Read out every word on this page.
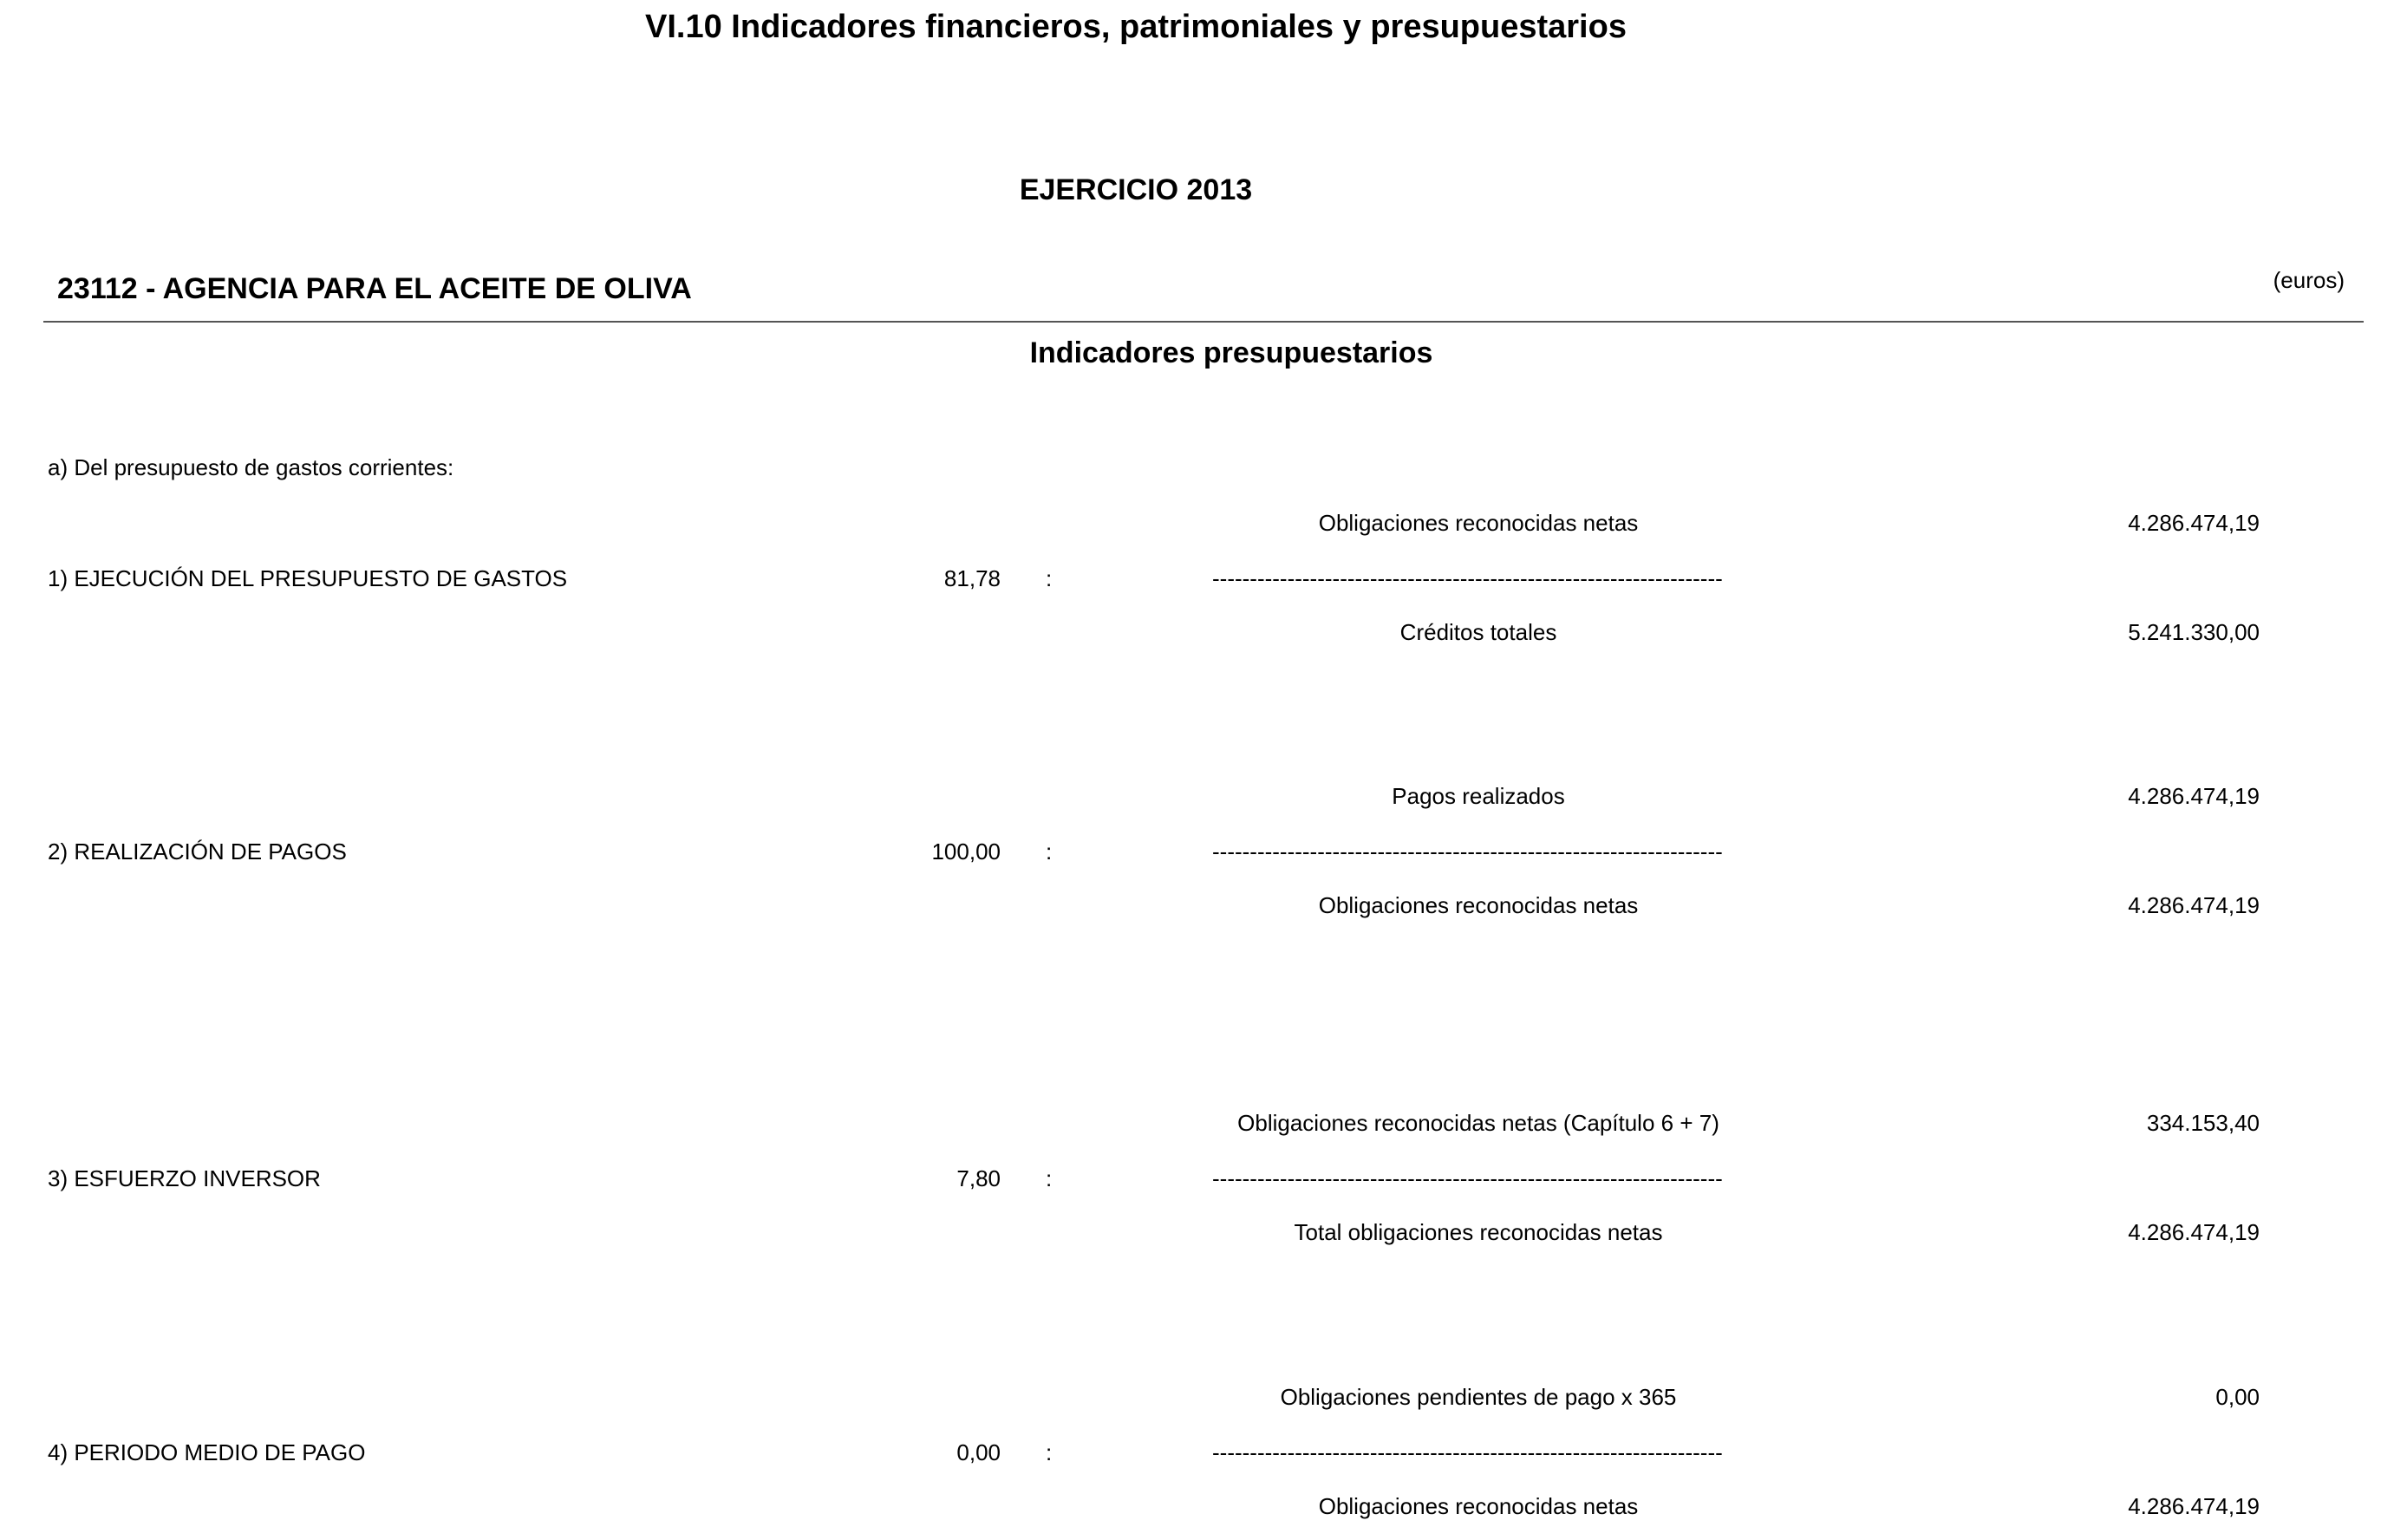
VI.10 Indicadores financieros, patrimoniales y presupuestarios
EJERCICIO 2013
23112 - AGENCIA PARA EL ACEITE DE OLIVA	(euros)
Indicadores presupuestarios
a) Del presupuesto de gastos corrientes:
Obligaciones reconocidas netas	4.286.474,19
1) EJECUCIÓN DEL PRESUPUESTO DE GASTOS	81,78 :	--------------------------------------------------------------------
Créditos totales	5.241.330,00
Pagos realizados	4.286.474,19
2) REALIZACIÓN DE PAGOS	100,00 :	--------------------------------------------------------------------
Obligaciones reconocidas netas	4.286.474,19
Obligaciones reconocidas netas (Capítulo 6 + 7)	334.153,40
3) ESFUERZO INVERSOR	7,80 :	--------------------------------------------------------------------
Total obligaciones reconocidas netas	4.286.474,19
Obligaciones pendientes de pago x 365	0,00
4) PERIODO MEDIO DE PAGO	0,00 :	--------------------------------------------------------------------
Obligaciones reconocidas netas	4.286.474,19
